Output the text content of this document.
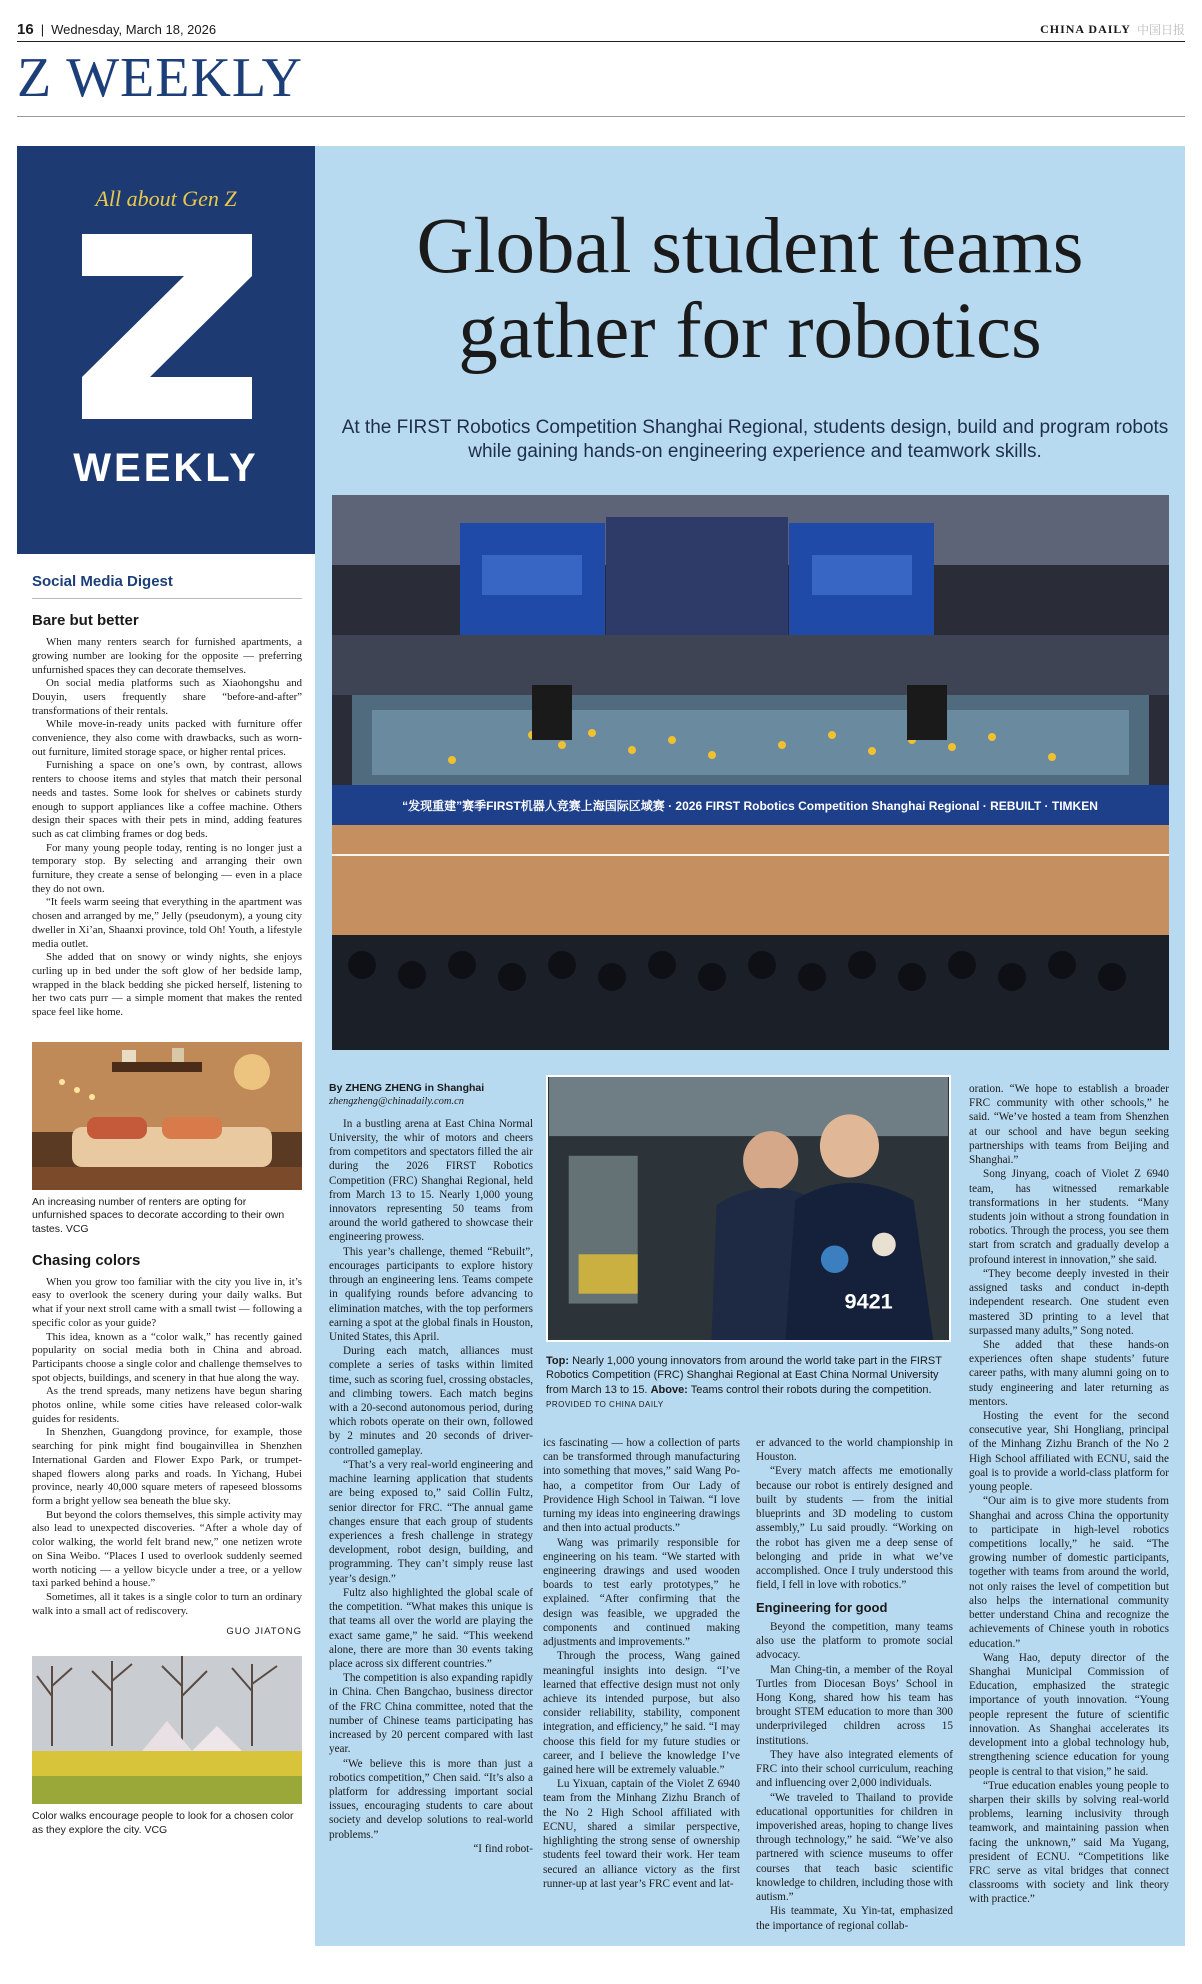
16 | Wednesday, March 18, 2026	CHINA DAILY 中国日报
Z WEEKLY
All about Gen Z
WEEKLY
Social Media Digest
Bare but better

When many renters search for furnished apartments, a growing number are looking for the opposite — preferring unfurnished spaces they can decorate themselves.

On social media platforms such as Xiaohongshu and Douyin, users frequently share “before-and-after” transformations of their rentals.

While move-in-ready units packed with furniture offer convenience, they also come with drawbacks, such as worn-out furniture, limited storage space, or higher rental prices.

Furnishing a space on one’s own, by contrast, allows renters to choose items and styles that match their personal needs and tastes. Some look for shelves or cabinets sturdy enough to support appliances like a coffee machine. Others design their spaces with their pets in mind, adding features such as cat climbing frames or dog beds.

For many young people today, renting is no longer just a temporary stop. By selecting and arranging their own furniture, they create a sense of belonging — even in a place they do not own.

“It feels warm seeing that everything in the apartment was chosen and arranged by me,” Jelly (pseudonym), a young city dweller in Xi’an, Shaanxi province, told Oh! Youth, a lifestyle media outlet.

She added that on snowy or windy nights, she enjoys curling up in bed under the soft glow of her bedside lamp, wrapped in the black bedding she picked herself, listening to her two cats purr — a simple moment that makes the rented space feel like home.

An increasing number of renters are opting for unfurnished spaces to decorate according to their own tastes. VCG
Chasing colors

When you grow too familiar with the city you live in, it’s easy to overlook the scenery during your daily walks. But what if your next stroll came with a small twist — following a specific color as your guide?

This idea, known as a “color walk,” has recently gained popularity on social media both in China and abroad. Participants choose a single color and challenge themselves to spot objects, buildings, and scenery in that hue along the way.

As the trend spreads, many netizens have begun sharing photos online, while some cities have released color-walk guides for residents.

In Shenzhen, Guangdong province, for example, those searching for pink might find bougainvillea in Shenzhen International Garden and Flower Expo Park, or trumpet-shaped flowers along parks and roads. In Yichang, Hubei province, nearly 40,000 square meters of rapeseed blossoms form a bright yellow sea beneath the blue sky.

But beyond the colors themselves, this simple activity may also lead to unexpected discoveries. “After a whole day of color walking, the world felt brand new,” one netizen wrote on Sina Weibo. “Places I used to overlook suddenly seemed worth noticing — a yellow bicycle under a tree, or a yellow taxi parked behind a house.”

Sometimes, all it takes is a single color to turn an ordinary walk into a small act of rediscovery.

GUO JIATONG
Color walks encourage people to look for a chosen color as they explore the city. VCG
Global student teams
gather for robotics
At the FIRST Robotics Competition Shanghai Regional, students design, build and program robots while gaining hands-on engineering experience and teamwork skills.
“发现重建”赛季FIRST机器人竞赛上海国际区域赛 · 2026 FIRST Robotics Competition Shanghai Regional · REBUILT · TIMKEN
9421
By ZHENG ZHENG in Shanghai
zhengzheng@chinadaily.com.cn

In a bustling arena at East China Normal University, the whir of motors and cheers from competitors and spectators filled the air during the 2026 FIRST Robotics Competition (FRC) Shanghai Regional, held from March 13 to 15. Nearly 1,000 young innovators representing 50 teams from around the world gathered to showcase their engineering prowess.

This year’s challenge, themed “Rebuilt”, encourages participants to explore history through an engineering lens. Teams compete in qualifying rounds before advancing to elimination matches, with the top performers earning a spot at the global finals in Houston, United States, this April.

During each match, alliances must complete a series of tasks within limited time, such as scoring fuel, crossing obstacles, and climbing towers. Each match begins with a 20-second autonomous period, during which robots operate on their own, followed by 2 minutes and 20 seconds of driver-controlled gameplay.

“That’s a very real-world engineering and machine learning application that students are being exposed to,” said Collin Fultz, senior director for FRC. “The annual game changes ensure that each group of students experiences a fresh challenge in strategy development, robot design, building, and programming. They can’t simply reuse last year’s design.”

Fultz also highlighted the global scale of the competition. “What makes this unique is that teams all over the world are playing the exact same game,” he said. “This weekend alone, there are more than 30 events taking place across six different countries.”

The competition is also expanding rapidly in China. Chen Bangchao, business director of the FRC China committee, noted that the number of Chinese teams participating has increased by 20 percent compared with last year.

“We believe this is more than just a robotics competition,” Chen said. “It’s also a platform for addressing important social issues, encouraging students to care about society and develop solutions to real-world problems.”

“I find robot-

Top: Nearly 1,000 young innovators from around the world take part in the FIRST Robotics Competition (FRC) Shanghai Regional at East China Normal University from March 13 to 15. Above: Teams control their robots during the competition. PROVIDED TO CHINA DAILY

ics fascinating — how a collection of parts can be transformed through manufacturing into something that moves,” said Wang Po-hao, a competitor from Our Lady of Providence High School in Taiwan. “I love turning my ideas into engineering drawings and then into actual products.”

Wang was primarily responsible for engineering on his team. “We started with engineering drawings and used wooden boards to test early prototypes,” he explained. “After confirming that the design was feasible, we upgraded the components and continued making adjustments and improvements.”

Through the process, Wang gained meaningful insights into design. “I’ve learned that effective design must not only achieve its intended purpose, but also consider reliability, stability, component integration, and efficiency,” he said. “I may choose this field for my future studies or career, and I believe the knowledge I’ve gained here will be extremely valuable.”

Lu Yixuan, captain of the Violet Z 6940 team from the Minhang Zizhu Branch of the No 2 High School affiliated with ECNU, shared a similar perspective, highlighting the strong sense of ownership students feel toward their work. Her team secured an alliance victory as the first runner-up at last year’s FRC event and lat-

er advanced to the world championship in Houston.

“Every match affects me emotionally because our robot is entirely designed and built by students — from the initial blueprints and 3D modeling to custom assembly,” Lu said proudly. “Working on the robot has given me a deep sense of belonging and pride in what we’ve accomplished. Once I truly understood this field, I fell in love with robotics.”

Engineering for good

Beyond the competition, many teams also use the platform to promote social advocacy.

Man Ching-tin, a member of the Royal Turtles from Diocesan Boys’ School in Hong Kong, shared how his team has brought STEM education to more than 300 underprivileged children across 15 institutions.

They have also integrated elements of FRC into their school curriculum, reaching and influencing over 2,000 individuals.

“We traveled to Thailand to provide educational opportunities for children in impoverished areas, hoping to change lives through technology,” he said. “We’ve also partnered with science museums to offer courses that teach basic scientific knowledge to children, including those with autism.”

His teammate, Xu Yin-tat, emphasized the importance of regional collab-

oration. “We hope to establish a broader FRC community with other schools,” he said. “We’ve hosted a team from Shenzhen at our school and have begun seeking partnerships with teams from Beijing and Shanghai.”

Song Jinyang, coach of Violet Z 6940 team, has witnessed remarkable transformations in her students. “Many students join without a strong foundation in robotics. Through the process, you see them start from scratch and gradually develop a profound interest in innovation,” she said.

“They become deeply invested in their assigned tasks and conduct in-depth independent research. One student even mastered 3D printing to a level that surpassed many adults,” Song noted.

She added that these hands-on experiences often shape students’ future career paths, with many alumni going on to study engineering and later returning as mentors.

Hosting the event for the second consecutive year, Shi Hongliang, principal of the Minhang Zizhu Branch of the No 2 High School affiliated with ECNU, said the goal is to provide a world-class platform for young people.

“Our aim is to give more students from Shanghai and across China the opportunity to participate in high-level robotics competitions locally,” he said. “The growing number of domestic participants, together with teams from around the world, not only raises the level of competition but also helps the international community better understand China and recognize the achievements of Chinese youth in robotics education.”

Wang Hao, deputy director of the Shanghai Municipal Commission of Education, emphasized the strategic importance of youth innovation. “Young people represent the future of scientific innovation. As Shanghai accelerates its development into a global technology hub, strengthening science education for young people is central to that vision,” he said.

“True education enables young people to sharpen their skills by solving real-world problems, learning inclusivity through teamwork, and maintaining passion when facing the unknown,” said Ma Yugang, president of ECNU. “Competitions like FRC serve as vital bridges that connect classrooms with society and link theory with practice.”
